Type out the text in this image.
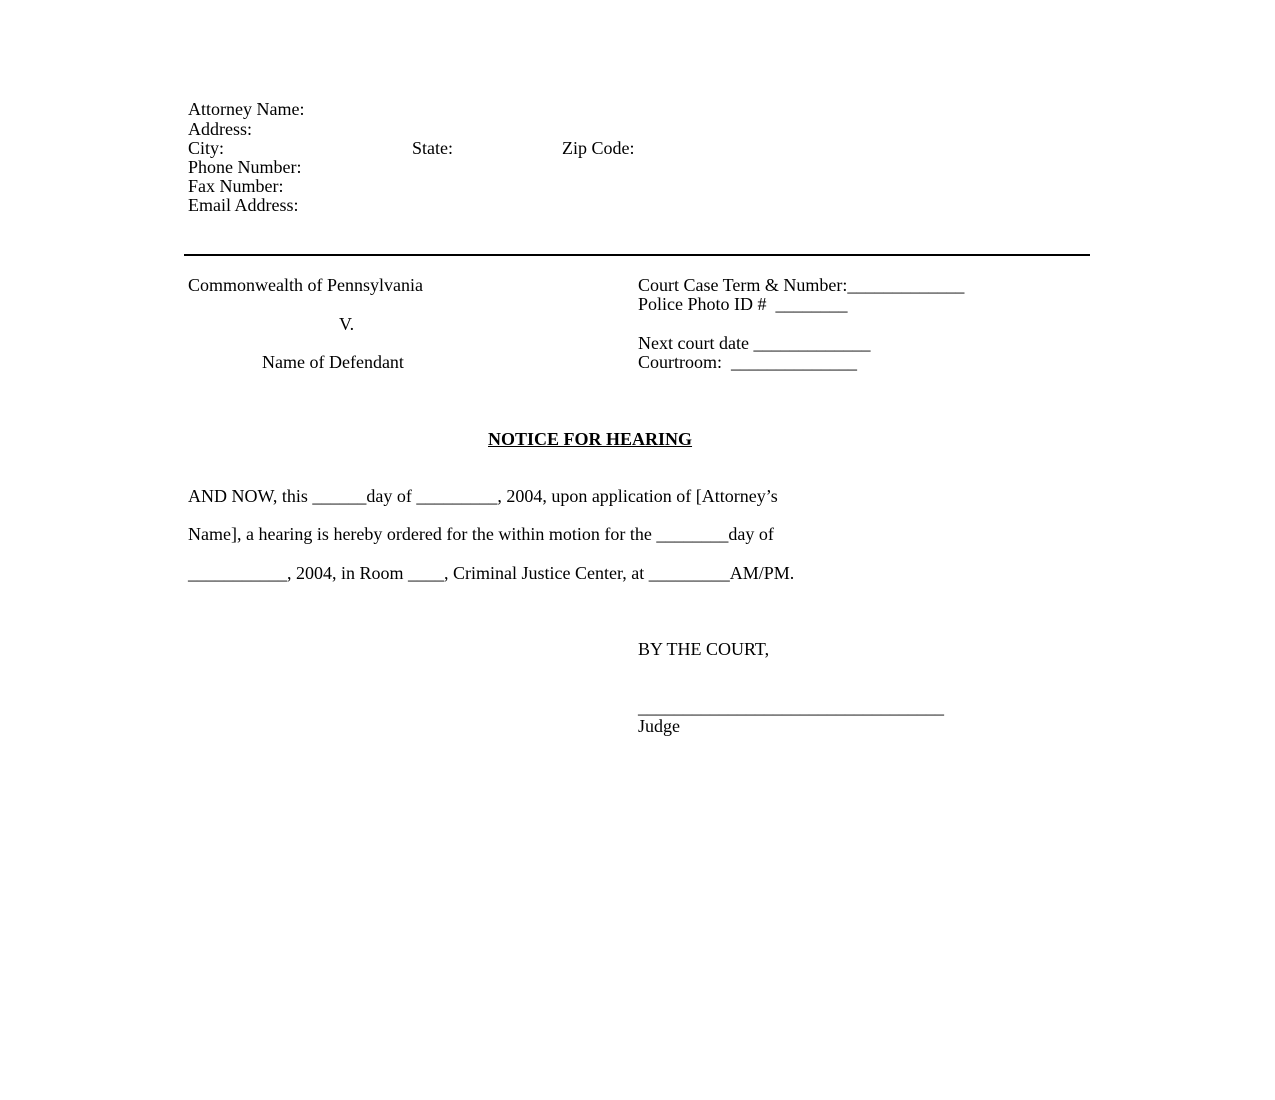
Attorney Name:
Address:
City:	State:	Zip Code:
Phone Number:
Fax Number:
Email Address:
Commonwealth of Pennsylvania
V.
Name of Defendant
Court Case Term & Number:_____________
Police Photo ID #  ________
Next court date _____________
Courtroom:  ______________
NOTICE FOR HEARING
AND NOW, this ______day of _________, 2004, upon application of [Attorney’s
Name], a hearing is hereby ordered for the within motion for the ________day of
___________, 2004, in Room ____, Criminal Justice Center, at _________AM/PM.
BY THE COURT,
__________________________________
Judge
